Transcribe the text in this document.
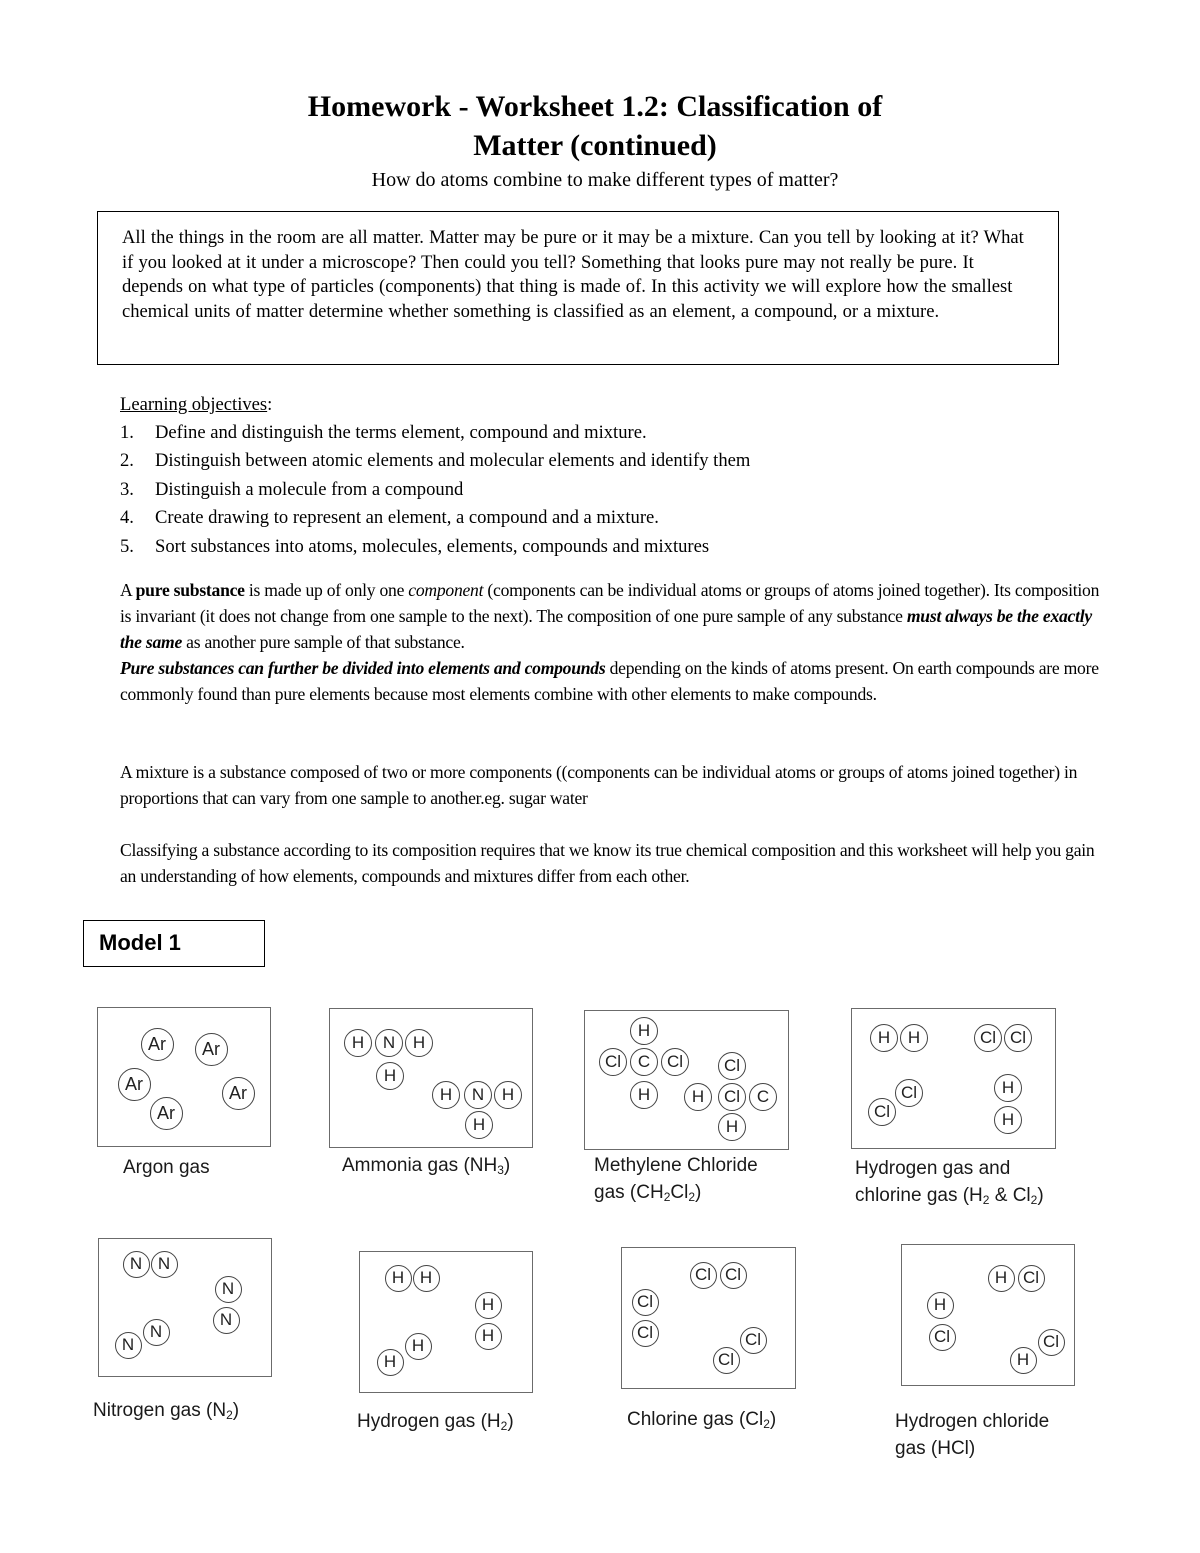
Homework - Worksheet 1.2: Classification of
Matter (continued)
How do atoms combine to make different types of matter?
All the things in the room are all matter. Matter may be pure or it may be a mixture. Can you tell by looking at it? What if you looked at it under a microscope? Then could you tell? Something that looks pure may not really be pure. It depends on what type of particles (components) that thing is made of. In this activity we will explore how the smallest chemical units of matter determine whether something is classified as an element, a compound, or a mixture.
Learning objectives:
1.	Define and distinguish the terms element, compound and mixture.
2.	Distinguish between atomic elements and molecular elements and identify them
3.	Distinguish a molecule from a compound
4.	Create drawing to represent an element, a compound and a mixture.
5.	Sort substances into atoms, molecules, elements, compounds and mixtures
A pure substance is made up of only one component (components can be individual atoms or groups of atoms joined together). Its composition is invariant (it does not change from one sample to the next). The composition of one pure sample of any substance must always be the exactly the same as another pure sample of that substance.
Pure substances can further be divided into elements and compounds depending on the kinds of atoms present. On earth compounds are more commonly found than pure elements because most elements combine with other elements to make compounds.
A mixture is a substance composed of two or more components ((components can be individual atoms or groups of atoms joined together) in proportions that can vary from one sample to another.eg. sugar water
Classifying a substance according to its composition requires that we know its true chemical composition and this worksheet will help you gain an understanding of how elements, compounds and mixtures differ from each other.
Model 1
Ar	Ar
Ar
Ar
Ar
Argon gas
H	N	H
H
H	N	H
H
Ammonia gas $(NH_3)$
H
Cl C Cl
H	H	Cl C
Cl
H
Methylene Chloride
gas $(CH_2Cl_2)$
H	H	Cl Cl
Cl
Cl
H
H
Hydrogen gas and
chlorine gas ($H_2$ & $Cl_2$)
N N
N
N
N
N
Nitrogen gas $(N_2)$
H H
H
H
H
H
Hydrogen gas $(H_2)$
Cl Cl
Cl
Cl	Cl
Cl
Chlorine gas $(Cl_2)$
H Cl
H
Cl
H
Cl
Hydrogen chloride
gas (HCl)
